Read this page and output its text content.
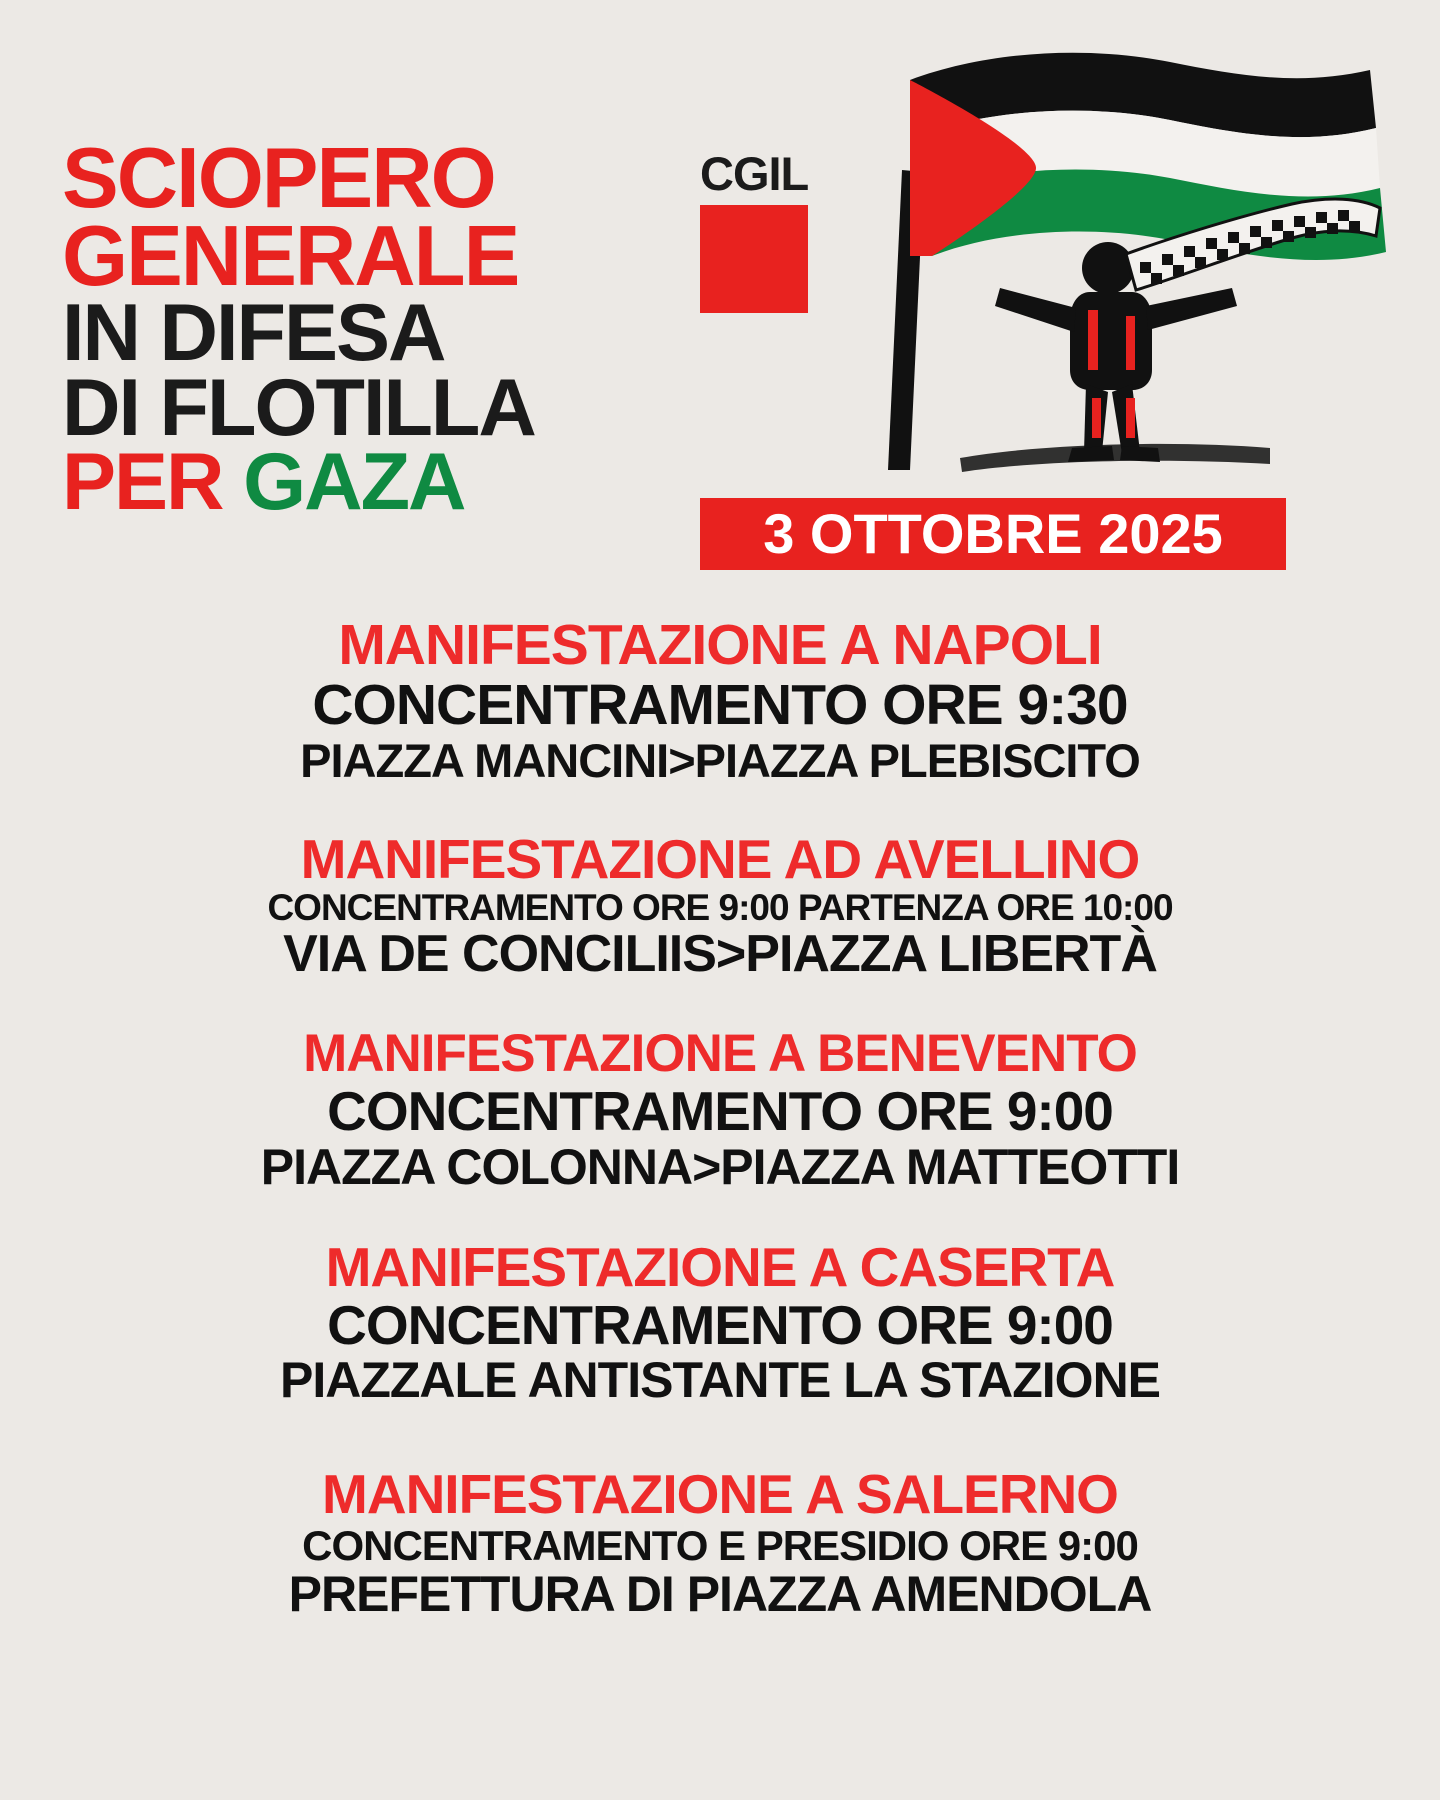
SCIOPERO
GENERALE
IN DIFESA
DI FLOTILLA
PER GAZA
CGIL
3 OTTOBRE 2025
MANIFESTAZIONE A NAPOLI
CONCENTRAMENTO ORE 9:30
PIAZZA MANCINI>PIAZZA PLEBISCITO
MANIFESTAZIONE AD AVELLINO
CONCENTRAMENTO ORE 9:00 PARTENZA ORE 10:00
VIA DE CONCILIIS>PIAZZA LIBERTÀ
MANIFESTAZIONE A BENEVENTO
CONCENTRAMENTO ORE 9:00
PIAZZA COLONNA>PIAZZA MATTEOTTI
MANIFESTAZIONE A CASERTA
CONCENTRAMENTO ORE 9:00
PIAZZALE ANTISTANTE LA STAZIONE
MANIFESTAZIONE A SALERNO
CONCENTRAMENTO E PRESIDIO ORE 9:00
PREFETTURA DI PIAZZA AMENDOLA
